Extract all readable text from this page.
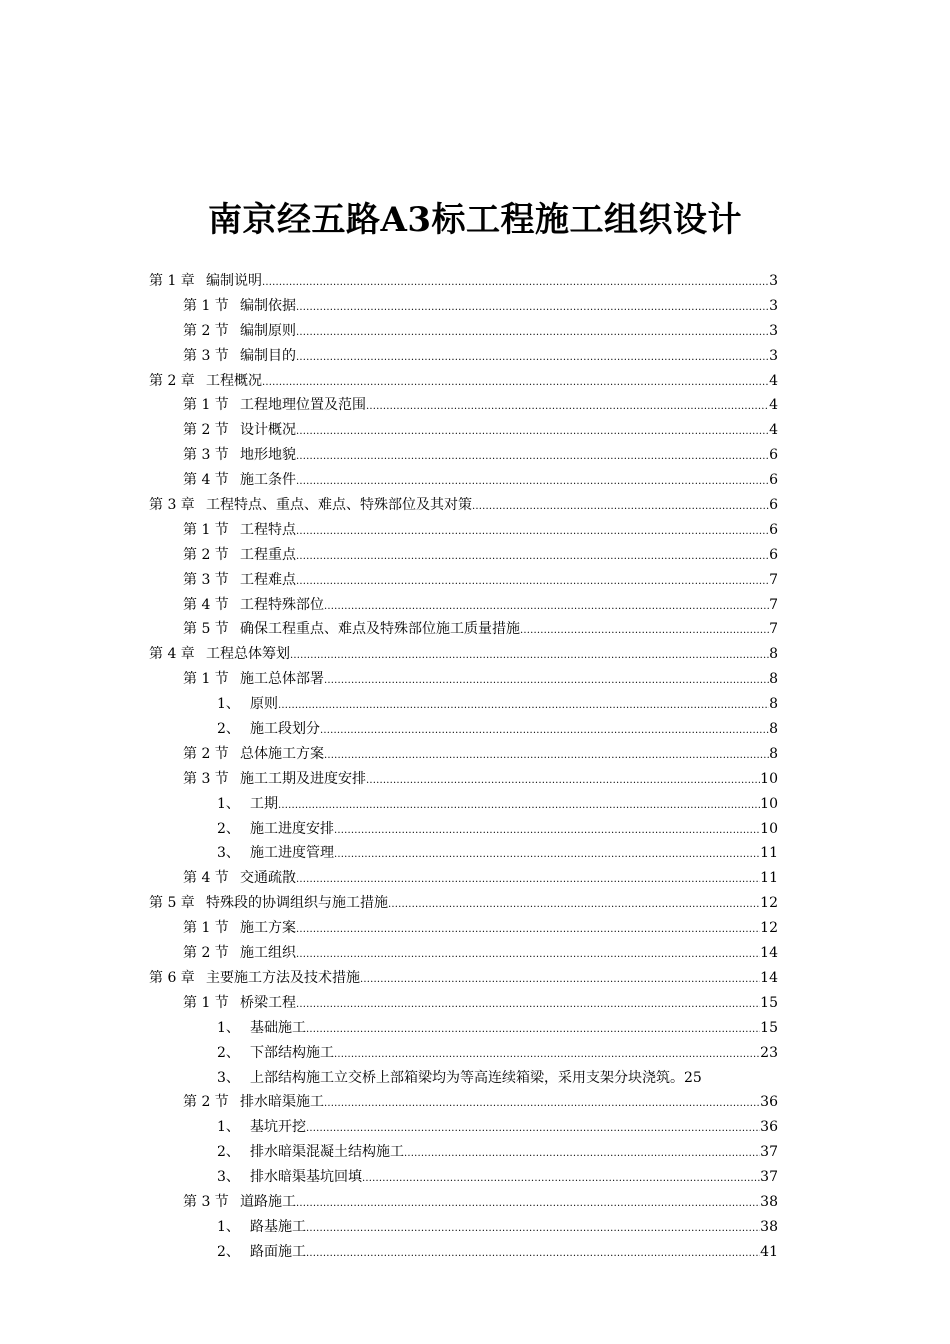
南京经五路A3标工程施工组织设计
第 1 章 编制说明 .....	3
第 1 节 编制依据 .....	3
第 2 节 编制原则 .....	3
第 3 节 编制目的 .....	3
第 2 章 工程概况 .....	4
第 1 节 工程地理位置及范围 .....	4
第 2 节 设计概况 .....	4
第 3 节 地形地貌 .....	6
第 4 节 施工条件 .....	6
第 3 章 工程特点、重点、难点、特殊部位及其对策 .....	6
第 1 节 工程特点 .....	6
第 2 节 工程重点 .....	6
第 3 节 工程难点 .....	7
第 4 节 工程特殊部位 .....	7
第 5 节 确保工程重点、难点及特殊部位施工质量措施 .....	7
第 4 章 工程总体筹划 .....	8
第 1 节 施工总体部署 .....	8
1、 原则 .....	8
2、 施工段划分 .....	8
第 2 节 总体施工方案 .....	8
第 3 节 施工工期及进度安排 .....	10
1、 工期 .....	10
2、 施工进度安排 .....	10
3、 施工进度管理 .....	11
第 4 节 交通疏散 .....	11
第 5 章 特殊段的协调组织与施工措施 .....	12
第 1 节 施工方案 .....	12
第 2 节 施工组织 .....	14
第 6 章 主要施工方法及技术措施 .....	14
第 1 节 桥梁工程 .....	15
1、 基础施工 .....	15
2、 下部结构施工 .....	23
3、 上部结构施工立交桥上部箱梁均为等高连续箱梁，采用支架分块浇筑。 25
第 2 节 排水暗渠施工 .....	36
1、 基坑开挖 .....	36
2、 排水暗渠混凝土结构施工 .....	37
3、 排水暗渠基坑回填 .....	37
第 3 节 道路施工 .....	38
1、 路基施工 .....	38
2、 路面施工 .....	41
